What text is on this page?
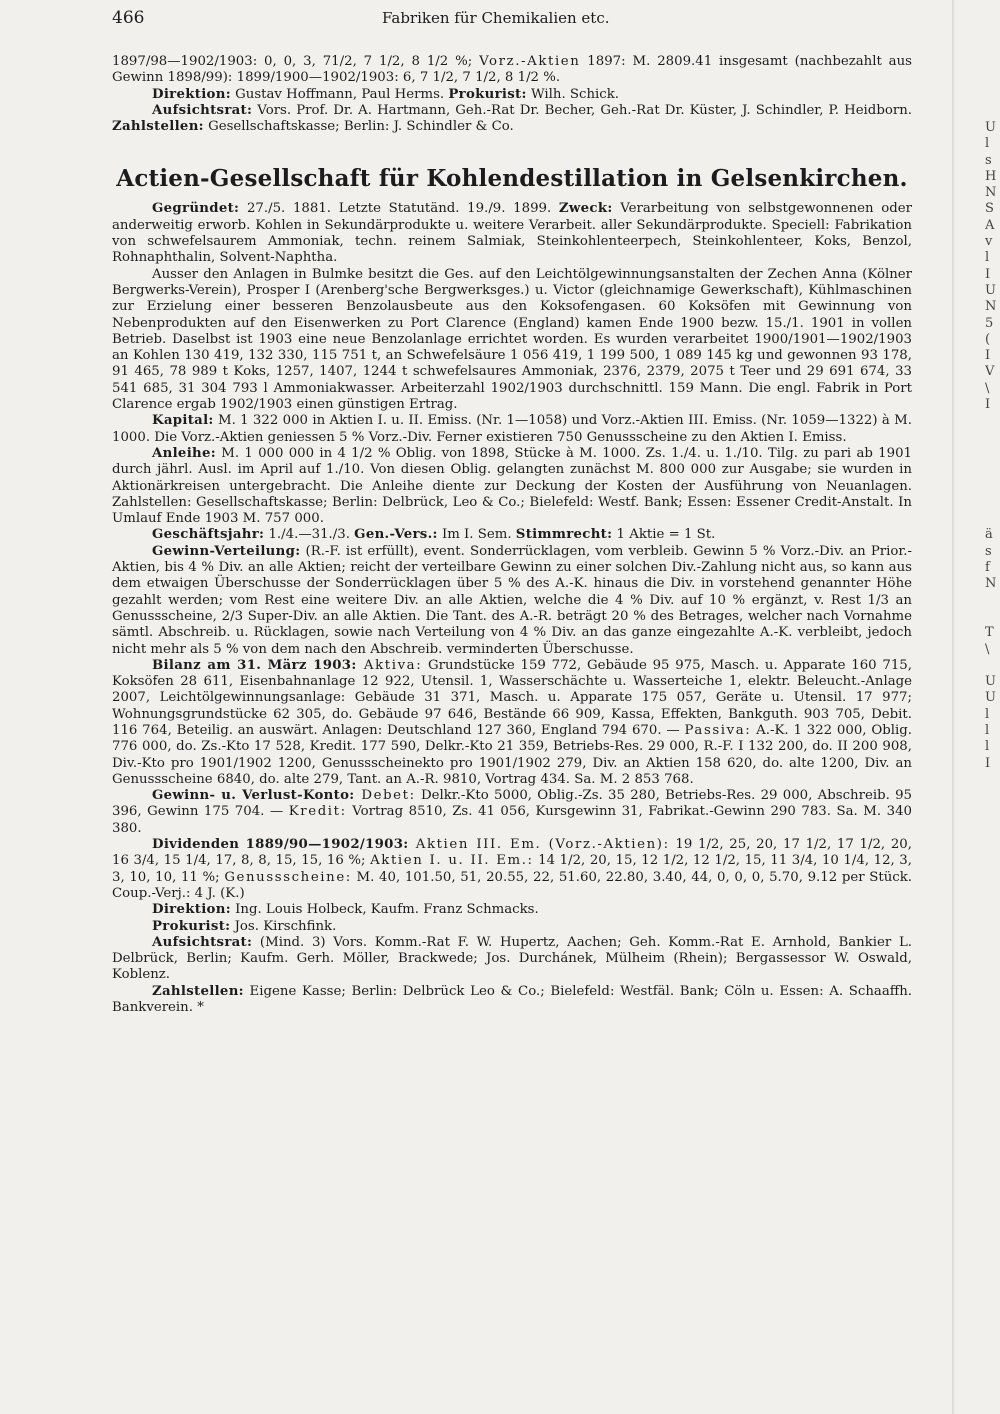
466	Fabriken für Chemikalien etc.

1897/98—1902/1903: 0, 0, 3, 71/2, 7 1/2, 8 1/2 %; Vorz.-Aktien 1897: M. 2809.41 insgesamt (nachbezahlt aus Gewinn 1898/99): 1899/1900—1902/1903: 6, 7 1/2, 7 1/2, 8 1/2 %.

Direktion: Gustav Hoffmann, Paul Herms. Prokurist: Wilh. Schick.

Aufsichtsrat: Vors. Prof. Dr. A. Hartmann, Geh.-Rat Dr. Becher, Geh.-Rat Dr. Küster, J. Schindler, P. Heidborn. Zahlstellen: Gesellschaftskasse; Berlin: J. Schindler & Co.

Actien-Gesellschaft für Kohlendestillation in Gelsenkirchen.

Gegründet: 27./5. 1881. Letzte Statutänd. 19./9. 1899. Zweck: Verarbeitung von selbstgewonnenen oder anderweitig erworb. Kohlen in Sekundärprodukte u. weitere Verarbeit. aller Sekundärprodukte. Speciell: Fabrikation von schwefelsaurem Ammoniak, techn. reinem Salmiak, Steinkohlenteerpech, Steinkohlenteer, Koks, Benzol, Rohnaphthalin, Solvent-Naphtha.

Ausser den Anlagen in Bulmke besitzt die Ges. auf den Leichtölgewinnungsanstalten der Zechen Anna (Kölner Bergwerks-Verein), Prosper I (Arenberg'sche Bergwerksges.) u. Victor (gleichnamige Gewerkschaft), Kühlmaschinen zur Erzielung einer besseren Benzolausbeute aus den Koksofengasen. 60 Koksöfen mit Gewinnung von Nebenprodukten auf den Eisenwerken zu Port Clarence (England) kamen Ende 1900 bezw. 15./1. 1901 in vollen Betrieb. Daselbst ist 1903 eine neue Benzolanlage errichtet worden. Es wurden verarbeitet 1900/1901—1902/1903 an Kohlen 130 419, 132 330, 115 751 t, an Schwefelsäure 1 056 419, 1 199 500, 1 089 145 kg und gewonnen 93 178, 91 465, 78 989 t Koks, 1257, 1407, 1244 t schwefelsaures Ammoniak, 2376, 2379, 2075 t Teer und 29 691 674, 33 541 685, 31 304 793 l Ammoniakwasser. Arbeiterzahl 1902/1903 durchschnittl. 159 Mann. Die engl. Fabrik in Port Clarence ergab 1902/1903 einen günstigen Ertrag.

Kapital: M. 1 322 000 in Aktien I. u. II. Emiss. (Nr. 1—1058) und Vorz.-Aktien III. Emiss. (Nr. 1059—1322) à M. 1000. Die Vorz.-Aktien geniessen 5 % Vorz.-Div. Ferner existieren 750 Genussscheine zu den Aktien I. Emiss.

Anleihe: M. 1 000 000 in 4 1/2 % Oblig. von 1898, Stücke à M. 1000. Zs. 1./4. u. 1./10. Tilg. zu pari ab 1901 durch jährl. Ausl. im April auf 1./10. Von diesen Oblig. gelangten zunächst M. 800 000 zur Ausgabe; sie wurden in Aktionärkreisen untergebracht. Die Anleihe diente zur Deckung der Kosten der Ausführung von Neuanlagen. Zahlstellen: Gesellschaftskasse; Berlin: Delbrück, Leo & Co.; Bielefeld: Westf. Bank; Essen: Essener Credit-Anstalt. In Umlauf Ende 1903 M. 757 000.

Geschäftsjahr: 1./4.—31./3. Gen.-Vers.: Im I. Sem. Stimmrecht: 1 Aktie = 1 St.

Gewinn-Verteilung: (R.-F. ist erfüllt), event. Sonderrücklagen, vom verbleib. Gewinn 5 % Vorz.-Div. an Prior.-Aktien, bis 4 % Div. an alle Aktien; reicht der verteilbare Gewinn zu einer solchen Div.-Zahlung nicht aus, so kann aus dem etwaigen Überschusse der Sonderrücklagen über 5 % des A.-K. hinaus die Div. in vorstehend genannter Höhe gezahlt werden; vom Rest eine weitere Div. an alle Aktien, welche die 4 % Div. auf 10 % ergänzt, v. Rest 1/3 an Genussscheine, 2/3 Super-Div. an alle Aktien. Die Tant. des A.-R. beträgt 20 % des Betrages, welcher nach Vornahme sämtl. Abschreib. u. Rücklagen, sowie nach Verteilung von 4 % Div. an das ganze eingezahlte A.-K. verbleibt, jedoch nicht mehr als 5 % von dem nach den Abschreib. verminderten Überschusse.

Bilanz am 31. März 1903: Aktiva: Grundstücke 159 772, Gebäude 95 975, Masch. u. Apparate 160 715, Koksöfen 28 611, Eisenbahnanlage 12 922, Utensil. 1, Wasserschächte u. Wasserteiche 1, elektr. Beleucht.-Anlage 2007, Leichtölgewinnungsanlage: Gebäude 31 371, Masch. u. Apparate 175 057, Geräte u. Utensil. 17 977; Wohnungsgrundstücke 62 305, do. Gebäude 97 646, Bestände 66 909, Kassa, Effekten, Bankguth. 903 705, Debit. 116 764, Beteilig. an auswärt. Anlagen: Deutschland 127 360, England 794 670. — Passiva: A.-K. 1 322 000, Oblig. 776 000, do. Zs.-Kto 17 528, Kredit. 177 590, Delkr.-Kto 21 359, Betriebs-Res. 29 000, R.-F. I 132 200, do. II 200 908, Div.-Kto pro 1901/1902 1200, Genussscheinekto pro 1901/1902 279, Div. an Aktien 158 620, do. alte 1200, Div. an Genussscheine 6840, do. alte 279, Tant. an A.-R. 9810, Vortrag 434. Sa. M. 2 853 768.

Gewinn- u. Verlust-Konto: Debet: Delkr.-Kto 5000, Oblig.-Zs. 35 280, Betriebs-Res. 29 000, Abschreib. 95 396, Gewinn 175 704. — Kredit: Vortrag 8510, Zs. 41 056, Kursgewinn 31, Fabrikat.-Gewinn 290 783. Sa. M. 340 380.

Dividenden 1889/90—1902/1903: Aktien III. Em. (Vorz.-Aktien): 19 1/2, 25, 20, 17 1/2, 17 1/2, 20, 16 3/4, 15 1/4, 17, 8, 8, 15, 15, 16 %; Aktien I. u. II. Em.: 14 1/2, 20, 15, 12 1/2, 12 1/2, 15, 11 3/4, 10 1/4, 12, 3, 3, 10, 10, 11 %; Genussscheine: M. 40, 101.50, 51, 20.55, 22, 51.60, 22.80, 3.40, 44, 0, 0, 0, 5.70, 9.12 per Stück. Coup.-Verj.: 4 J. (K.)

Direktion: Ing. Louis Holbeck, Kaufm. Franz Schmacks.

Prokurist: Jos. Kirschfink.

Aufsichtsrat: (Mind. 3) Vors. Komm.-Rat F. W. Hupertz, Aachen; Geh. Komm.-Rat E. Arnhold, Bankier L. Delbrück, Berlin; Kaufm. Gerh. Möller, Brackwede; Jos. Durchánek, Mülheim (Rhein); Bergassessor W. Oswald, Koblenz.

Zahlstellen: Eigene Kasse; Berlin: Delbrück Leo & Co.; Bielefeld: Westfäl. Bank; Cöln u. Essen: A. Schaaffh. Bankverein. *

Ü
l
s
H
N
S
A
v
l
I
U
N
5
(
I
V
\
I

ä
s
f
N

T
\

U
U
l
l
l
I
